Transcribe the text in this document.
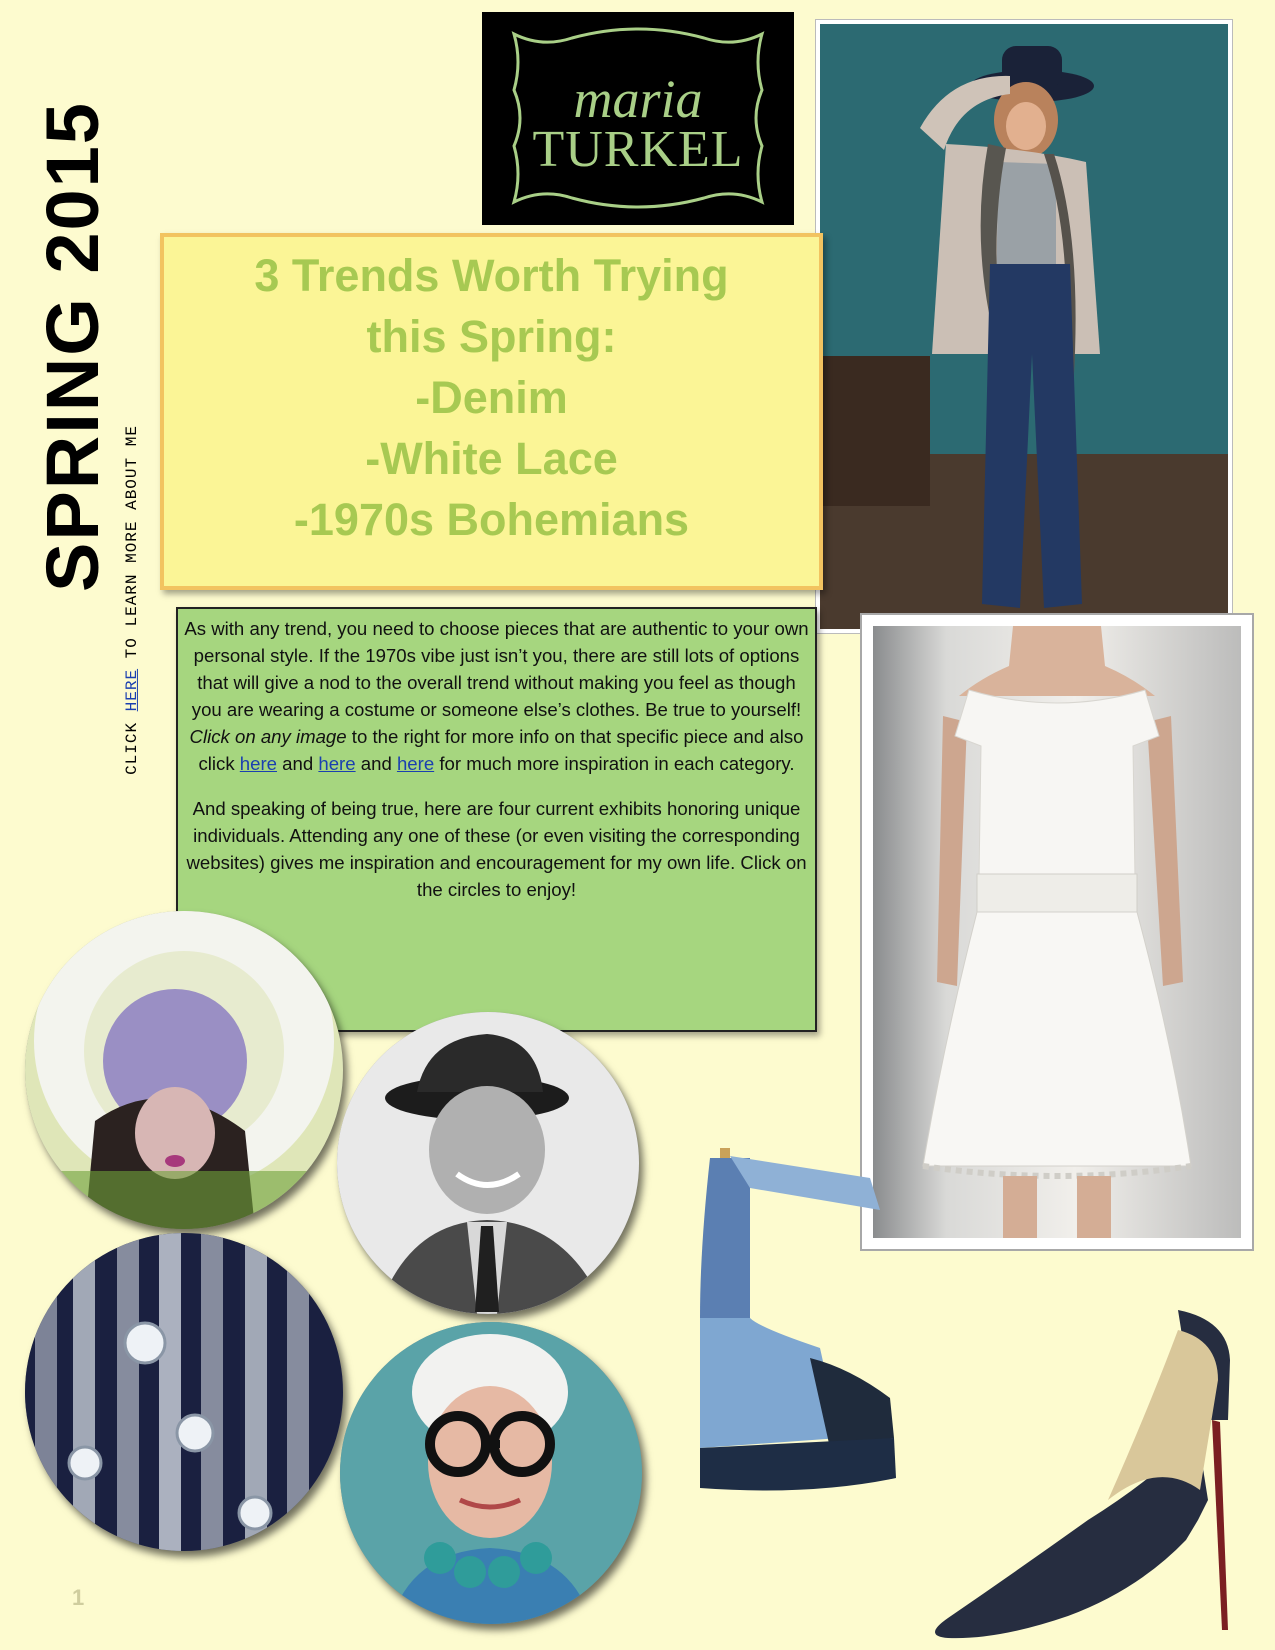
SPRING 2015
CLICK HERE TO LEARN MORE ABOUT ME
maria
TURKEL
3 Trends Worth Trying
this Spring:
-Denim
-White Lace
-1970s Bohemians

As with any trend, you need to choose pieces that are authentic to your own personal style. If the 1970s vibe just isn’t you, there are still lots of options that will give a nod to the overall trend without making you feel as though you are wearing a costume or someone else’s clothes. Be true to yourself! Click on any image to the right for more info on that specific piece and also click here and here and here for much more inspiration in each category.

And speaking of being true, here are four current exhibits honoring unique individuals. Attending any one of these (or even visiting the corresponding websites) gives me inspiration and encouragement for my own life. Click on the circles to enjoy!

1
